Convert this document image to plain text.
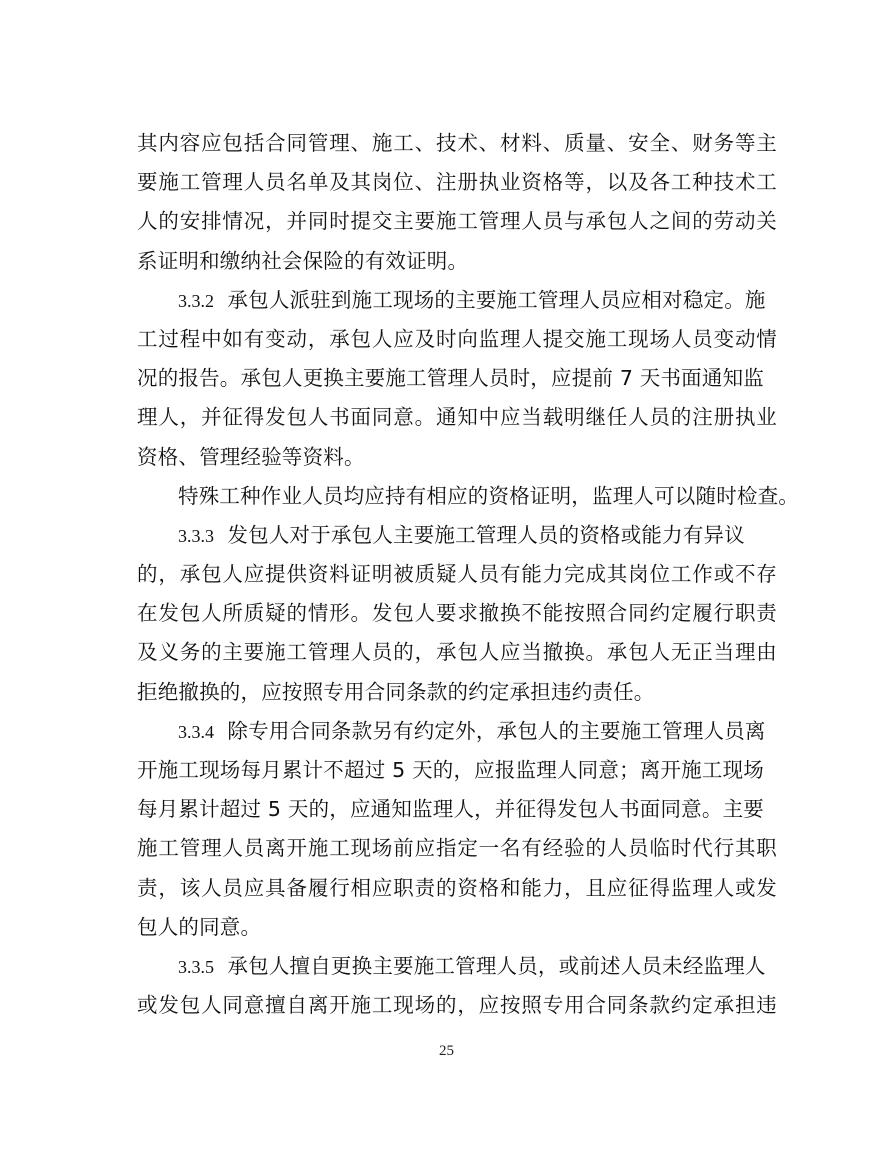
其内容应包括合同管理、施工、技术、材料、质量、安全、财务等主
要施工管理人员名单及其岗位、注册执业资格等，以及各工种技术工
人的安排情况，并同时提交主要施工管理人员与承包人之间的劳动关
系证明和缴纳社会保险的有效证明。
3.3.2  承包人派驻到施工现场的主要施工管理人员应相对稳定。施
工过程中如有变动，承包人应及时向监理人提交施工现场人员变动情
况的报告。承包人更换主要施工管理人员时，应提前 7 天书面通知监
理人，并征得发包人书面同意。通知中应当载明继任人员的注册执业
资格、管理经验等资料。
特殊工种作业人员均应持有相应的资格证明，监理人可以随时检查。
3.3.3  发包人对于承包人主要施工管理人员的资格或能力有异议
的，承包人应提供资料证明被质疑人员有能力完成其岗位工作或不存
在发包人所质疑的情形。发包人要求撤换不能按照合同约定履行职责
及义务的主要施工管理人员的，承包人应当撤换。承包人无正当理由
拒绝撤换的，应按照专用合同条款的约定承担违约责任。
3.3.4  除专用合同条款另有约定外，承包人的主要施工管理人员离
开施工现场每月累计不超过 5 天的，应报监理人同意；离开施工现场
每月累计超过 5 天的，应通知监理人，并征得发包人书面同意。主要
施工管理人员离开施工现场前应指定一名有经验的人员临时代行其职
责，该人员应具备履行相应职责的资格和能力，且应征得监理人或发
包人的同意。
3.3.5  承包人擅自更换主要施工管理人员，或前述人员未经监理人
或发包人同意擅自离开施工现场的，应按照专用合同条款约定承担违
25
